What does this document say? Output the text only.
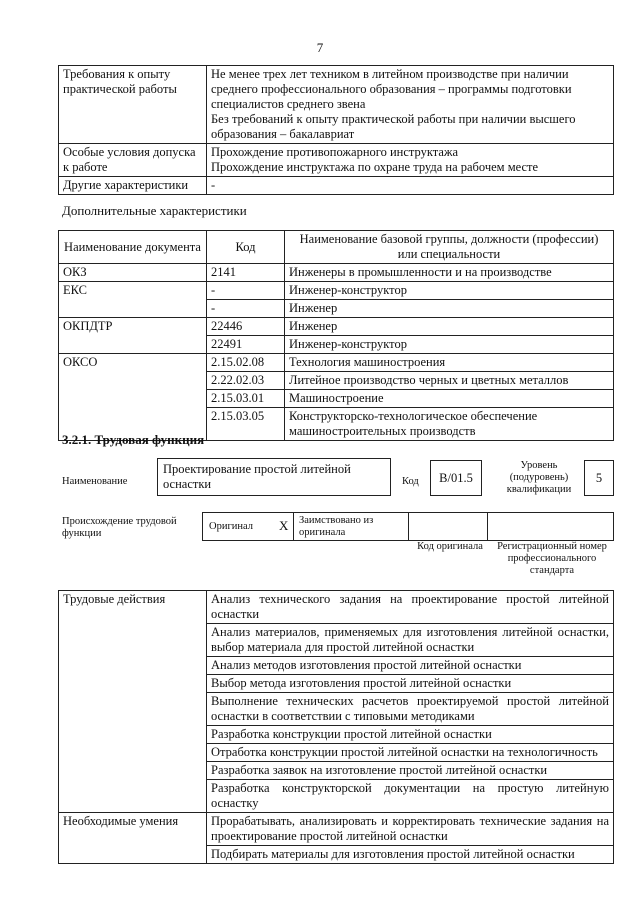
7
Требования к опыту практической работы	Не менее трех лет техником в литейном производстве при наличии среднего профессионального образования – программы подготовки специалистов среднего звена
Без требований к опыту практической работы при наличии высшего образования – бакалавриат

Особые условия допуска к работе	Прохождение противопожарного инструктажа
Прохождение инструктажа по охране труда на рабочем месте

Другие характеристики	-
Дополнительные характеристики
Наименование документа	Код	Наименование базовой группы, должности (профессии) или специальности
ОКЗ	2141	Инженеры в промышленности и на производстве
ЕКС	-	Инженер-конструктор
	-	Инженер
ОКПДТР	22446	Инженер
	22491	Инженер-конструктор
ОКСО	2.15.02.08	Технология машиностроения
	2.22.02.03	Литейное производство черных и цветных металлов
	2.15.03.01	Машиностроение
	2.15.03.05	Конструкторско-технологическое обеспечение машиностроительных производств
3.2.1. Трудовая функция
Наименование
Проектирование простой литейной оснастки	Код	B/01.5
Уровень (подуровень) квалификации
5
Происхождение трудовой функции
Оригинал X Заимствовано из оригинала
Код оригинала	Регистрационный номер профессионального стандарта
Трудовые действия	Анализ технического задания на проектирование простой литейной оснастки
	Анализ материалов, применяемых для изготовления литейной оснастки, выбор материала для простой литейной оснастки
	Анализ методов изготовления простой литейной оснастки
	Выбор метода изготовления простой литейной оснастки
	Выполнение технических расчетов проектируемой простой литейной оснастки в соответствии с типовыми методиками
	Разработка конструкции простой литейной оснастки
	Отработка конструкции простой литейной оснастки на технологичность
	Разработка заявок на изготовление простой литейной оснастки
	Разработка конструкторской документации на простую литейную оснастку
Необходимые умения	Прорабатывать, анализировать и корректировать технические задания на проектирование простой литейной оснастки
	Подбирать материалы для изготовления простой литейной оснастки
